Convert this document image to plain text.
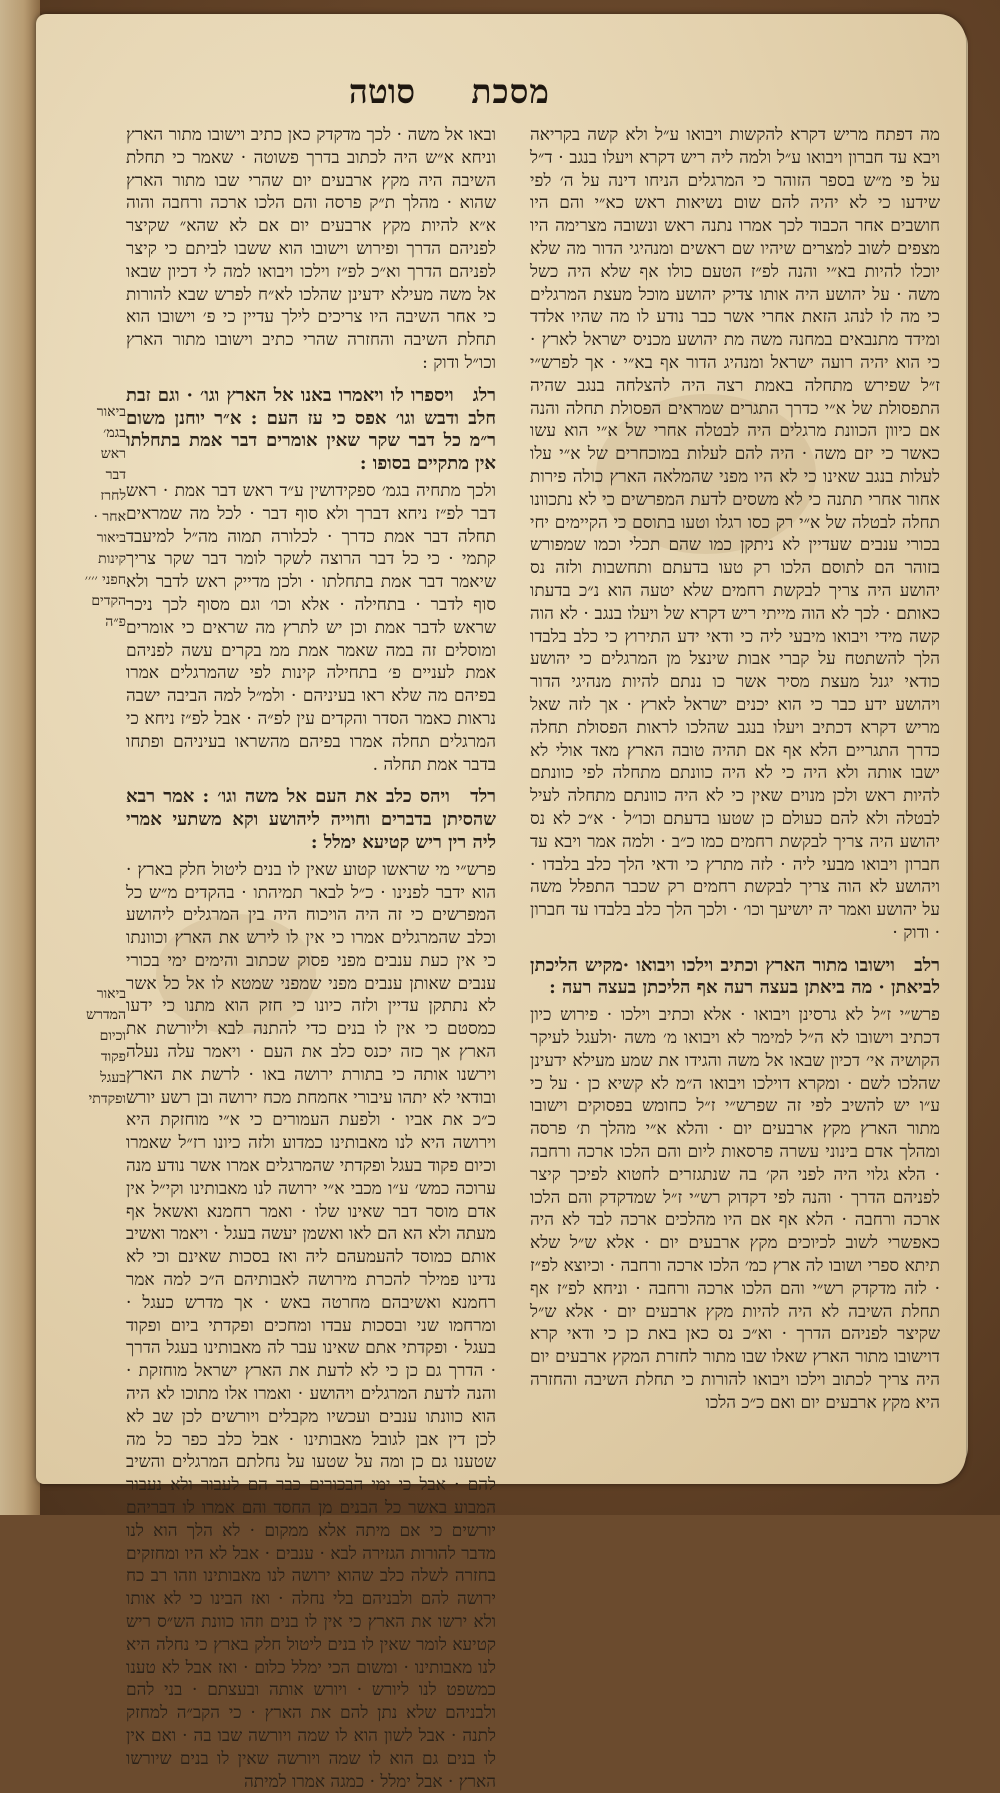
מסכת
סוטה

מה דפתח מריש דקרא להקשות ויבואו ע״ל ולא קשה בקריאה ויבא עד חברון ויבואו ע״ל ולמה ליה ריש דקרא ויעלו בנגב · ד״ל על פי מ״ש בספר הזוהר כי המרגלים הניחו דינה על ה׳ לפי שידעו כי לא יהיה להם שום נשיאות ראש כא״י והם היו חושבים אחר הכבוד לכך אמרו נתנה ראש ונשובה מצרימה היו מצפים לשוב למצרים שיהיו שם ראשים ומנהיגי הדור מה שלא יוכלו להיות בא״י והנה לפ״ז הטעם כולו אף שלא היה כשל משה · על יהושע היה אותו צדיק יהושע מוכל מעצת המרגלים כי מה לו לנהג הזאת אחרי אשר כבר נודע לו מה שהיו אלדד ומידד מתנבאים במחנה משה מת יהושע מכניס ישראל לארץ · כי הוא יהיה רועה ישראל ומנהיג הדור אף בא״י · אך לפרש״י ז״ל שפירש מתחלה באמת רצה היה להצלחה בנגב שהיה התפסולת של א״י כדרך התגרים שמראים הפסולת תחלה והנה אם כיוון הכוונת מרגלים היה לבטלה אחרי של א״י הוא עשו כאשר כי יזם משה · היה להם לעלות במוכחרים של א״י עלו לעלות בנגב שאינו כי לא היו מפני שהמלאה הארץ כולה פירות אחור אחרי תתנה כי לא משסים לדעת המפרשים כי לא נתכוונו תחלה לבטלה של א״י רק כסו רגלו וטעו בתוסם כי הקיימים יחי בכורי ענבים שעדיין לא ניתקן כמו שהם תכלי וכמו שמפורש בזוהר הם לתוסם הלכו רק טעו בדעתם ותחשבות ולזה נס יהושע היה צריך לבקשת רחמים שלא יטעה הוא נ״כ בדעתו כאותם · לכך לא הוה מייתי ריש דקרא של ויעלו בנגב · לא הוה קשה מידי ויבואו מיבעי ליה כי ודאי ידע התירוץ כי כלב בלבדו הלך להשתטח על קברי אבות שינצל מן המרגלים כי יהושע כודאי יגנל מעצת מסיר אשר כו ננתם להיות מנהיגי הדור ויהושע ידע כבר כי הוא יכנים ישראל לארץ · אך לזה שאל מריש דקרא דכתיב ויעלו בנגב שהלכו לראות הפסולת תחלה כדרך התגריים הלא אף אם תהיה טובה הארץ מאד אולי לא ישבו אותה ולא היה כי לא היה כוונתם מתחלה לפי כוונתם להיות ראש ולכן מנוים שאין כי לא היה כוונתם מתחלה לעיל לבטלה ולא להם כעולם כן שטעו בדעתם וכו״ל · א״כ לא נס יהושע היה צריך לבקשת רחמים כמו כ״ב · ולמה אמר ויבא עד חברון ויבואו מבעי ליה · לזה מתרץ כי ודאי הלך כלב בלבדו · ויהושע לא הוה צריך לבקשת רחמים רק שכבר התפלל משה על יהושע ואמר יה יושיעך וכו׳ · ולכך הלך כלב בלבדו עד חברון · ודוק ·

רלב וישובו מתור הארץ וכתיב וילכו ויבואו ·מקיש הליכתן לביאתן · מה ביאתן בעצה רעה אף הליכתן בעצה רעה :

פרש״י ז״ל לא גרסינן ויבואו · אלא וכתיב וילכו · פירוש כיון דכתיב וישובו לא ה״ל למימר לא ויבואו מ׳ משה ·ולעגל לעיקר הקושיה אי׳ דכיון שבאו אל משה והגידו את שמע מעילא ידעינן שהלכו לשם · ומקרא דוילכו ויבואו ה״מ לא קשיא כן · על כי ע״ו יש להשיב לפי זה שפרש״י ז״ל כחומש בפסוקים וישובו מתור הארץ מקץ ארבעים יום · והלא א״י מהלך ת׳ פרסה ומהלך אדם בינוני עשרה פרסאות ליום והם הלכו ארכה ורחבה · הלא גלוי היה לפני הק׳ בה שנתגזרים לחטוא לפיכך קיצר לפניהם הדרך · והנה לפי דקדוק רש״י ז״ל שמדקדק והם הלכו ארכה ורחבה · הלא אף אם היו מהלכים ארכה לבד לא היה כאפשרי לשוב לכיוכים מקץ ארבעים יום · אלא ש״ל שלא תיתא ספרי ושובו לה ארץ כמ׳ הלכו ארכה ורחבה · וכיוצא לפ״ז · לזה מדקדק רש״י והם הלכו ארכה ורחבה · וניחא לפ״ז אף תחלת השיבה לא היה להיות מקץ ארבעים יום · אלא ש״ל שקיצר לפניהם הדרך · וא״כ נס כאן באת כן כי ודאי קרא דוישובו מתור הארץ שאלו שבו מתור לחזרת המקץ ארבעים יום היה צריך לכתוב וילכו ויבואו להורות כי תחלת השיבה והחזרה היא מקץ ארבעים יום ואם כ״כ הלכו

ובאו אל משה · לכך מדקדק כאן כתיב וישובו מתור הארץ וניחא א״ש היה לכתוב בדרך פשוטה · שאמר כי תחלת השיבה היה מקץ ארבעים יום שהרי שבו מתור הארץ שהוא · מהלך ת״ק פרסה והם הלכו ארכה ורחבה והוה א״א להיות מקץ ארבעים יום אם לא שהא״ שקיצר לפניהם הדרך ופירוש וישובו הוא ששבו לביתם כי קיצר לפניהם הדרך וא״כ לפ״ז וילכו ויבואו למה לי דכיון שבאו אל משה מעילא ידעינן שהלכו לא״ח לפרש שבא להורות כי אחר השיבה היו צריכים לילך עדיין כי פ׳ וישובו הוא תחלת השיבה והחזרה שהרי כתיב וישובו מתור הארץ וכו״ל ודוק :

רלג ויספרו לו ויאמרו באנו אל הארץ וגו׳ · וגם זבת חלב ודבש וגו׳ אפס כי עז העם : א״ר יוחנן משום ר״מ כל דבר שקר שאין אומרים דבר אמת בתחלתו אין מתקיים בסופו :

ולכך מתחיה בגמ׳ ספקידושין ע״ד ראש דבר אמת · ראש דבר לפ״ז ניחא דברך ולא סוף דבר · לכל מה שמראים תחלה דבר אמת כדרך · לכלורה תמוה מה״ל למיעבד קתמי · כי כל דבר הרוצה לשקר לומר דבר שקר צריך שיאמר דבר אמת בתחלתו · ולכן מדייק ראש לדבר ולא סוף לדבר · בתחילה · אלא וכו׳ וגם מסוף לכך ניכר שראש לדבר אמת וכן יש לתרץ מה שראים כי אומרים ומוסלים זה במה שאמר אמת ממ בקרים עשה לפניהם אמת לעניים פ׳ בתחילה קינות לפי שהמרגלים אמרו בפיהם מה שלא ראו בעיניהם · ולמ״ל למה הביבה ישבה נראות כאמר הסדר והקדים עין לפ״ה · אבל לפ״ז ניחא כי המרגלים תחלה אמרו בפיהם מהשראו בעיניהם ופתחו בדבר אמת תחלה .

רלד ויהס כלב את העם אל משה וגו׳ : אמר רבא שהסיתן בדברים וחוייה ליהושע וקא משתעי אמרי ליה רין ריש קטיעא ימלל :

פרש״י מי שראשו קטוע שאין לו בנים ליטול חלק בארץ · הוא ידבר לפנינו · כ״ל לבאר תמיהתו · בהקדים מ״ש כל המפרשים כי זה היה הויכוח היה בין המרגלים ליהושע וכלב שהמרגלים אמרו כי אין לו לירש את הארץ וכוונתו כי אין כעת ענבים מפני פסוק שכתוב והימים ימי בכורי ענבים שאותן ענבים מפני שמפני שמטא לו אל כל אשר לא נתתקן עדיין ולזה כיונו כי חזק הוא מתנו כי ידעו כמסטם כי אין לו בנים כדי להתנה לבא וליורשת את הארץ אך כזה יכנס כלב את העם · ויאמר עלה נעלה וירשנו אותה כי בתורת ירושה באו · לרשת את הארץ ובודאי לא יתהו עיבורי אחמחת מכח ירושה ובן רשע יורש כ״כ את אביו · ולפעת העמורים כי א״י מוחזקת היא וירושה היא לנו מאבותינו כמדוע ולזה כיונו רז״ל שאמרו וכיום פקוד בעגל ופקדתי שהמרגלים אמרו אשר נודע מנה ערוכה כמש׳ ע״ו מכבי א״י ירושה לנו מאבותינו וקי״ל אין אדם מוסר דבר שאינו שלו · ואמר רחמנא ואשאל אף מעתה ולא הא הם לאו ואשמן יעשה בעגל · ויאמר ואשיב אותם כמוסד להעמעהם ליה ואז בסכות שאינם וכי לא נדינו פמילר להכרת מירושה לאבותיהם ה״כ למה אמר רחמנא ואשיבהם מחרטה באש · אך מדרש כעגל · ומרחמו שני ובסכות עבדו ומחכים ופקדתי ביום ופקוד בעגל · ופקדתי אתם שאינו עבר לה מאבותינו בעגל הדרך · הדרך גם כן כי לא לדעת את הארץ ישראל מוחזקת · והנה לדעת המרגלים ויהושע · ואמרו אלו מתוכו לא היה הוא כוונתו ענבים ועכשיו מקבלים ויורשים לכן שב לא לכן דין אבן לגובל מאבותינו · אבל כלב כפר כל מה שטענו גם כן ומה על שטעו על נחלתם המרגלים והשיב להם · אבל כי ימי הבכורים כבר הם לעבור ולא נעבור המבוע באשר כל הבנים מן החסד והם אמרו לו דבריהם יורשים כי אם מיתה אלא ממקום · לא הלך הוא לנו מדבר להורות הגזירה לבא · ענבים · אבל לא היו ומחזקים בחזרה לשלה כלב שהוא ירושה לנו מאבותינו וזהו רב כח ירושה להם ולבניהם בלי נחלה · ואז הבינו כי לא אותו ולא ירשו את הארץ כי אין לו בנים וזהו כוונת הש״ס ריש קטיעא לומר שאין לו בנים ליטול חלק בארץ כי נחלה היא לנו מאבותינו · ומשום הכי ימלל כלום · ואז אבל לא טענו כמשפט לנו ליורש · ויורש אותה ובעצתם · בני להם ולבניהם שלא נתן להם את הארץ · כי הקב״ה למחזק לתנה · אבל לשון הוא לו שמה ויורשה שבו בה · ואם אין לו בנים גם הוא לו שמה ויורשה שאין לו בנים שיורשו הארץ · אבל ימלל · כמגה אמרו למיתה

ביאור בגמ׳ ראש דבר לחרז אחר · ביאור קינות חפני ׳׳׳׳ הקדים פ״ה
ביאור המדרש וכיום פקוד בעגל ופקדתי
